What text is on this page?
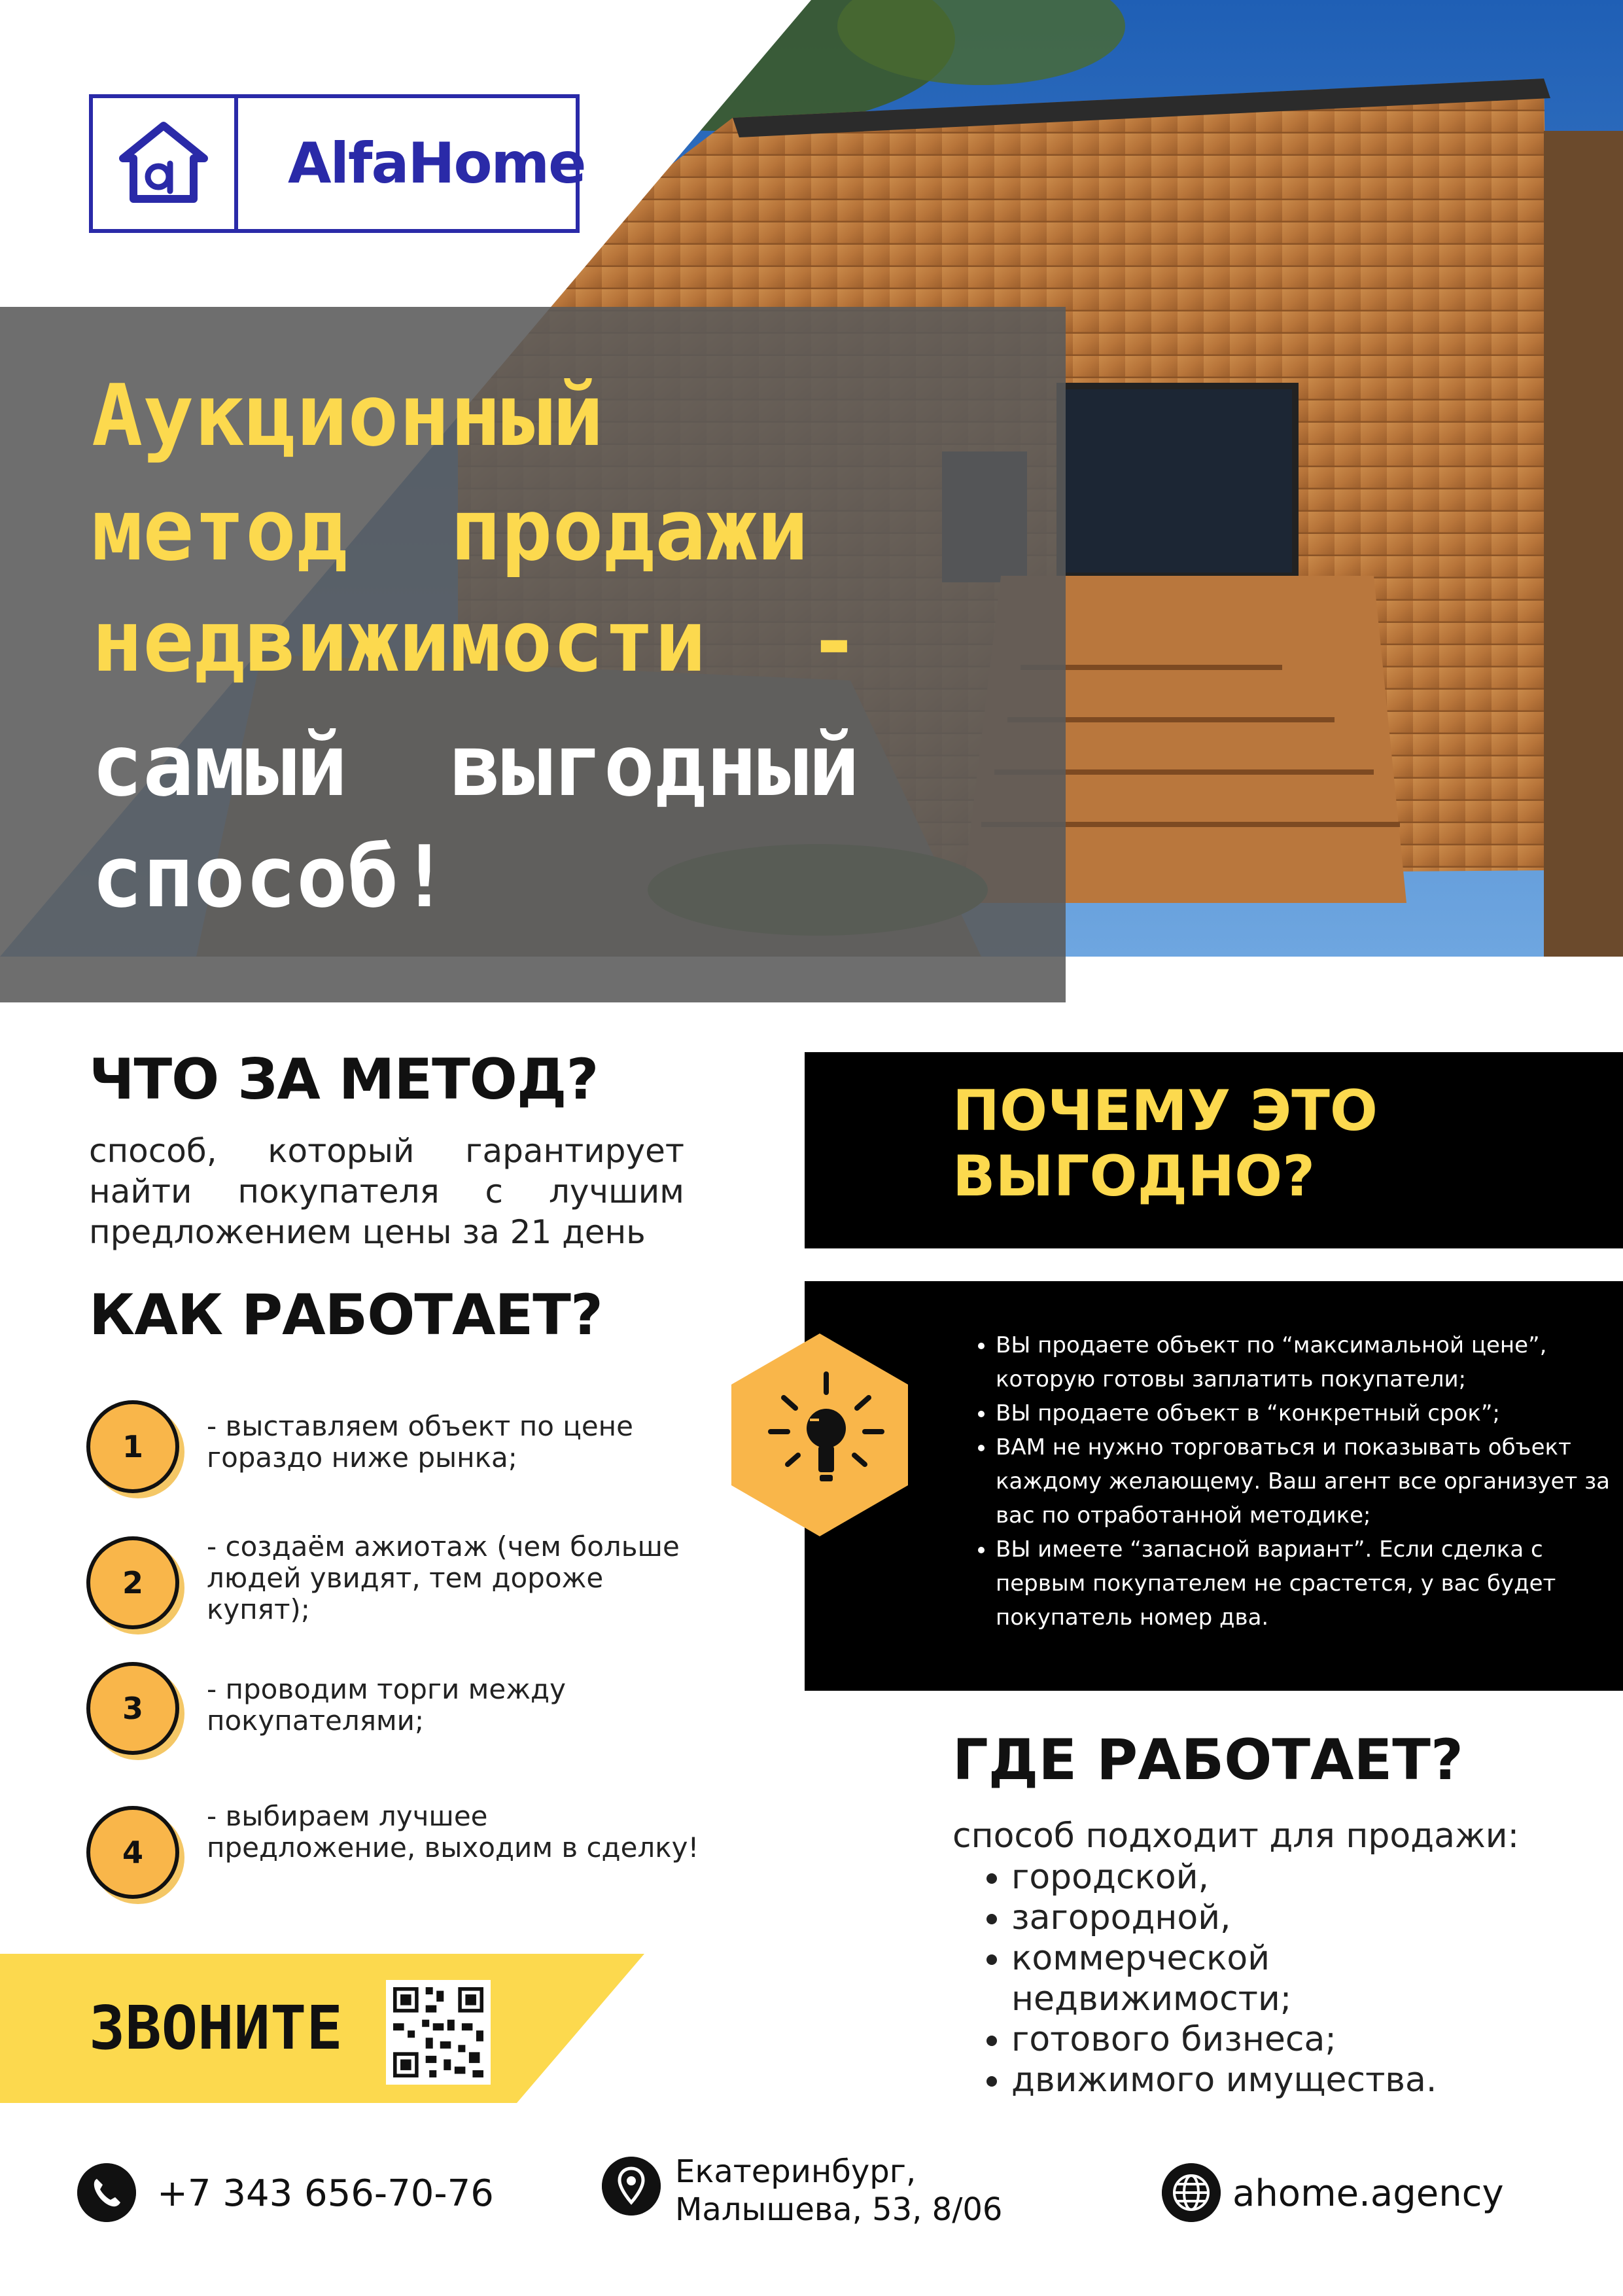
AlfaHome
Аукционный
метод  продажи
недвижимости  -
самый  выгодный
способ!
ЧТО ЗА МЕТОД?
способ, который гарантирует
найти покупателя с лучшим
предложением цены за 21 день
КАК РАБОТАЕТ?
1
- выставляем объект по цене гораздо ниже рынка;
2
- создаём ажиотаж (чем больше людей увидят, тем дороже купят);
3
- проводим торги между покупателями;
4
- выбираем лучшее предложение, выходим в сделку!
ЗВОНИТЕ
ПОЧЕМУ ЭТО
ВЫГОДНО?
• ВЫ продаете объект по “максимальной цене”, которую готовы заплатить покупатели;
• ВЫ продаете объект в “конкретный срок”;
• ВАМ не нужно торговаться и показывать объект каждому желающему. Ваш агент все организует за вас по отработанной методике;
• ВЫ имеете “запасной вариант”. Если сделка с первым покупателем не срастется, у вас будет покупатель номер два.
ГДЕ РАБОТАЕТ?
способ подходит для продажи:
• городской,
• загородной,
• коммерческой недвижимости;
• готового бизнеса;
• движимого имущества.
+7 343 656-70-76
Екатеринбург,
Малышева, 53, 8/06	ahome.agency
